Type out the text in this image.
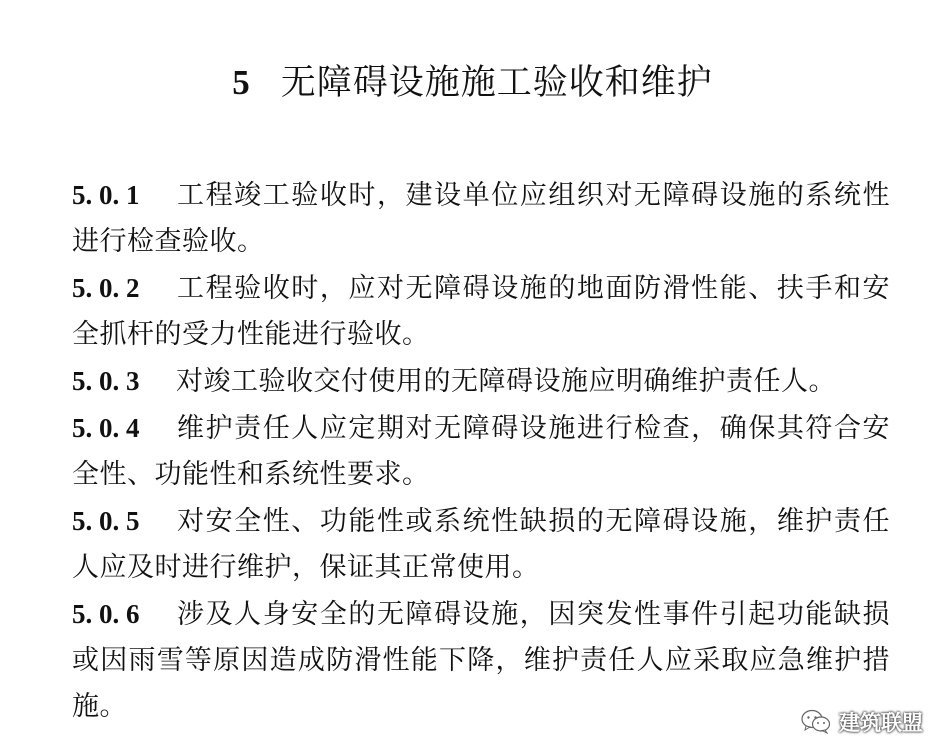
5 无障碍设施施工验收和维护

5. 0. 1 工程竣工验收时，建设单位应组织对无障碍设施的系统性进行检查验收。

5. 0. 2 工程验收时，应对无障碍设施的地面防滑性能、扶手和安全抓杆的受力性能进行验收。

5. 0. 3 对竣工验收交付使用的无障碍设施应明确维护责任人。

5. 0. 4 维护责任人应定期对无障碍设施进行检查，确保其符合安全性、功能性和系统性要求。

5. 0. 5 对安全性、功能性或系统性缺损的无障碍设施，维护责任人应及时进行维护，保证其正常使用。

5. 0. 6 涉及人身安全的无障碍设施，因突发性事件引起功能缺损或因雨雪等原因造成防滑性能下降，维护责任人应采取应急维护措施。

建筑联盟
